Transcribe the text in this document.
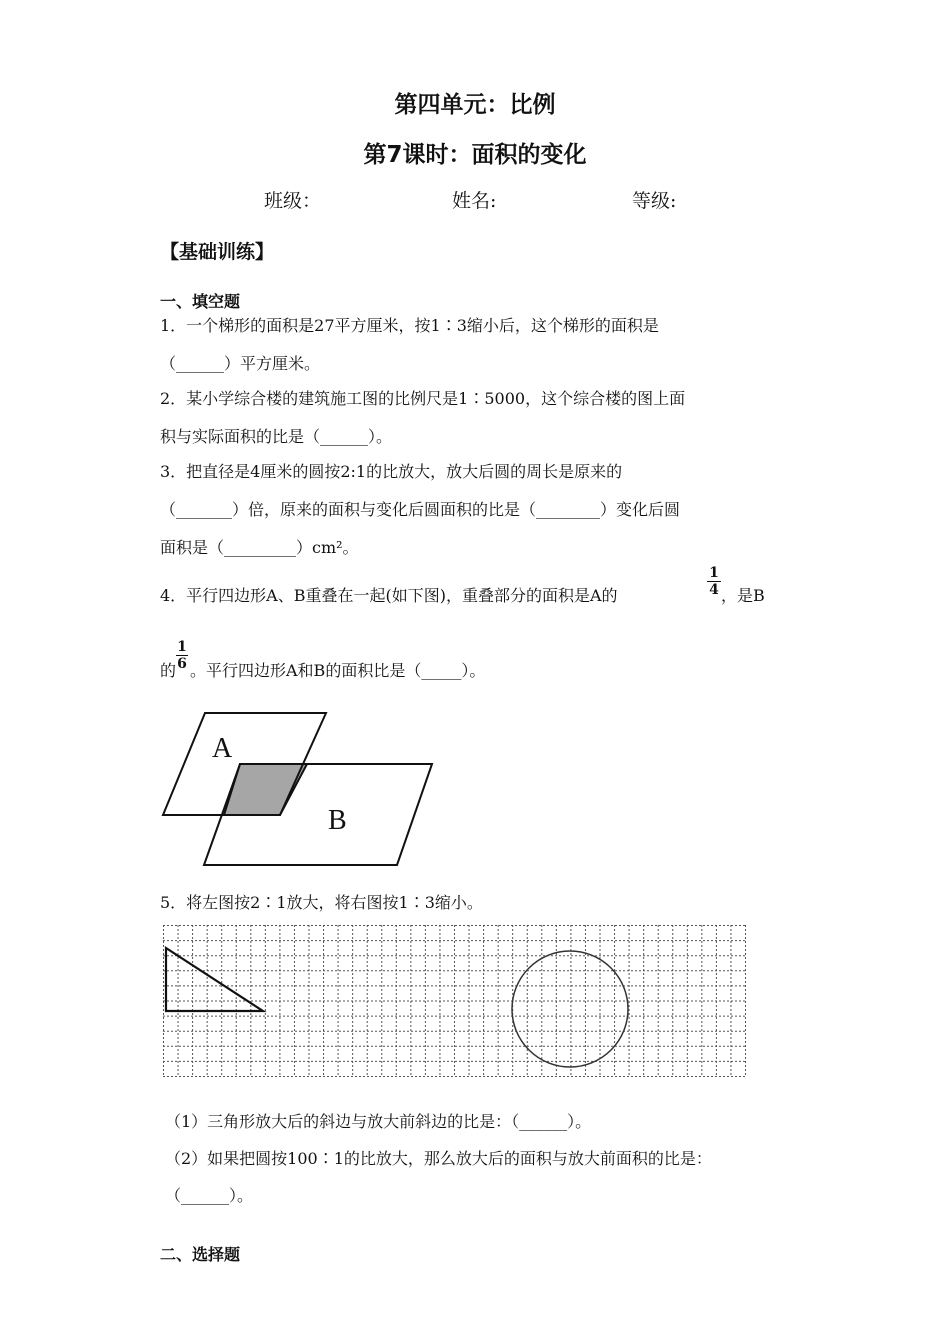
第四单元：比例
第7课时：面积的变化
班级：	姓名:	等级:
【基础训练】
一、填空题
1．一个梯形的面积是27平方厘米，按1∶3缩小后，这个梯形的面积是
（______）平方厘米。
2．某小学综合楼的建筑施工图的比例尺是1∶5000，这个综合楼的图上面
积与实际面积的比是（______）。
3．把直径是4厘米的圆按2:1的比放大，放大后圆的周长是原来的
（_______）倍，原来的面积与变化后圆面积的比是（________）变化后圆
面积是（_________）cm²。
4．平行四边形A、B重叠在一起(如下图)，重叠部分的面积是A的
1
4 ，是B
的
1
6 。平行四边形A和B的面积比是（_____）。
A
B
5．将左图按2∶1放大，将右图按1∶3缩小。
（1）三角形放大后的斜边与放大前斜边的比是：（______）。
（2）如果把圆按100∶1的比放大，那么放大后的面积与放大前面积的比是：
（______）。
二、选择题
